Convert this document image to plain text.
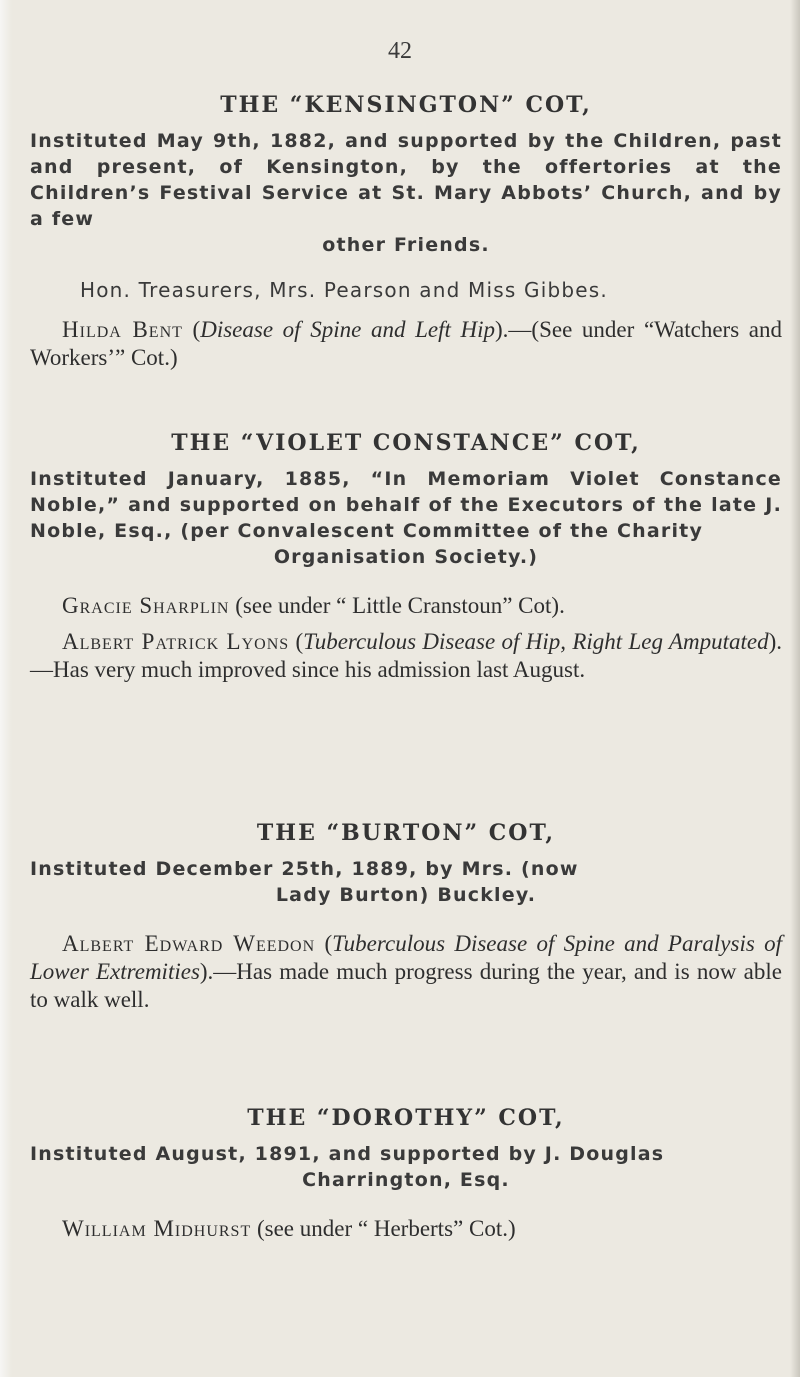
42
THE “KENSINGTON” COT,

Instituted May 9th, 1882, and supported by the Children, past and present, of Kensington, by the offertories at the Children’s Festival Service at St. Mary Abbots’ Church, and by a few
other Friends.

Hon. Treasurers, Mrs. Pearson and Miss Gibbes.

Hilda Bent (Disease of Spine and Left Hip).—(See under “Watchers and Workers’” Cot.)

THE “VIOLET CONSTANCE” COT,

Instituted January, 1885, “In Memoriam Violet Constance Noble,” and supported on behalf of the Executors of the late J. Noble, Esq., (per Convalescent Committee of the Charity
Organisation Society.)

Gracie Sharplin (see under “ Little Cranstoun” Cot).

Albert Patrick Lyons (Tuberculous Disease of Hip, Right Leg Amputated).—Has very much improved since his admission last August.

THE “BURTON” COT,

Instituted December 25th, 1889, by Mrs. (now
Lady Burton) Buckley.

Albert Edward Weedon (Tuberculous Disease of Spine and Paralysis of Lower Extremities).—Has made much progress during the year, and is now able to walk well.

THE “DOROTHY” COT,

Instituted August, 1891, and supported by J. Douglas
Charrington, Esq.

William Midhurst (see under “ Herberts” Cot.)
